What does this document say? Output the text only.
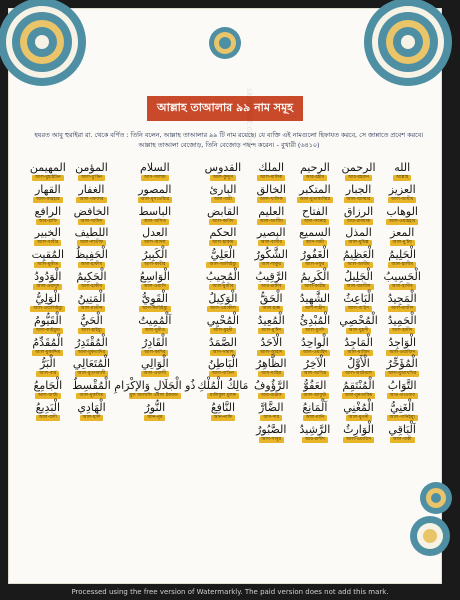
আল্লাহ তাআলার ৯৯ নাম সমূহ
হযরত আবু হুরাইরা রা. থেকে বর্ণিত : তিনি বলেন, আল্লাহ তাআলার ৯৯ টি নাম রয়েছে। যে ব্যক্তি এই নামগুলো হিফাযত করবে, সে জান্নাতে প্রবেশ করবে। আল্লাহ তাআলা বেজোড়, তিনি বেজোড় পছন্দ করেন। - বুখারী (৬৪১০)
الله
আল্লাহ
الرحمن
আর-রহমান
الرحيم
আর-রহীম
الملك
আল-মালিক
القدوس
আল-কুদ্দুস
السلام
আস-সালাম
المؤمن
আল-মু'মিন
المهيمن
আল-মুহাইমিন
العزيز
আল-আযীয
الجبار
আল-জাব্বার
المتكبر
আল-মুতাকাব্বির
الخالق
আল-খালিক
البارئ
আল-বারী
المصور
আল-মুসাওয়্যির
الغفار
আল-গফফার
القهار
আল-কাহহার
الوهاب
আল-ওয়াহহাব
الرزاق
আর-রাযযাক
الفتاح
আল-ফাত্তাহ
العليم
আল-আলীম
القابض
আল-কাবিদ
الباسط
আল-বাসিত
الخافض
আল-খাফিদ
الرافع
আর-রাফি
المعز
আল-মু'ইয
المذل
আল-মুযিল্ল
السميع
আস-সামী
البصير
আল-বাসীর
الحكم
আল-হাকাম
العدل
আল-আদল
اللطيف
আল-লাতীফ
الخبير
আল-খাবীর
الْحَلِيمُ
আল-হালীম
الْعَظِيمُ
আল-আযীম
الْغَفُورُ
আল-গফুর
الشَّكُورُ
আশ-শাকুর
الْعَلِيُّ
আল-আলিইয়্যু
الْكَبِيرُ
আল-কাবীর
الْحَفِيظُ
আল-হাফীয
المُقيِت
আল-মুকীত
الْحَسِيبُ
আল-হাসীব
الْجَلِيلُ
আল-জালীল
الْكَرِيمُ
আল-কারীম
الرَّقِيبُ
আর-রাকীব
الْمُجِيبُ
আল-মুজীব
الْوَاسِعُ
আল-ওয়াসি
الْحَكِيمُ
আল-হাকীম
الْوَدُودُ
আল-ওয়াদুদ
الْمَجِيدُ
আল-মাজীদ
الْبَاعِثُ
আল-বা'ইস
الشَّهِيدُ
আশ-শাহীদ
الْحَقُّ
আল-হাক্ক
الْوَكِيلُ
আল-ওয়াকীল
الْقَوِيُّ
আল-কাবিইয়্যু
الْمَتِينُ
আল-মাতীন
الْوَلِيُّ
আল-ওয়ালিইয়্যু
الْحَمِيدُ
আল-হামীদ
الْمُحْصِي
আল-মুহসী
الْمُبْدِئُ
আল-মুবদি
الْمُعِيدُ
আল-মু'ঈদ
الْمُحْيِي
আল-মুহয়ী
اَلْمُمِيتُ
আল-মুমীত
الْحَيُّ
আল-হাইয়্যু
الْقَيُّومُ
আল-কাইয়্যুম
الْوَاجِدُ
আল-ওয়াজিদ
الْمَاجِدُ
আল-মাজিদ
الْواحِدُ
আল-ওয়াহিদ
الْاَحَدُ
আল-আহাদ
الصَّمَدُ
আস-সামাদ
الْقَادِرُ
আল-কাদির
الْمُقْتَدِرُ
আল-মুকতাদির
الْمُقَدِّمُ
আল-মুকাদ্দিম
الْمُؤَخِّرُ
আল-মুআখখির
الْأَوَّلُ
আল-আউয়াল
الْآخِرُ
আল-আখির
الظَّاهِرُ
আয-যাহির
الْبَاطِنُ
আল-বাতিন
الْوَالِي
আল-ওয়ালী
الْمُتَعَالِي
আল-মুতাআলী
الْبَرُّ
আল-বার্র
التَّوَابُ
আত-তাওয়াব
الْمُنْتَقِمُ
আল-মুনতাকিম
العَفُوُّ
আল-আফুউ
الرَّؤُوفُ
আর-রাঊফ
مَالِكُ الْمُلْكِ
মালিকুল মুলক
ذُو الْجَلَالِ وَالإكْرَامِ
যুল জালালি ওয়াল ইকরাম
الْمُقْسِطُ
আল-মুকসিত
الْجَامِعُ
আল-জামি
الْغَنِيُّ
আল-গানিইয়্যু
الْمُغْنِي
আল-মুগনী
اَلْمَانِعُ
আল-মানি
الضَّارَّ
আদ-দার
النَّافِعُ
আন-নাফি
النُّورُ
আন-নূর
الْهَادِي
আল-হাদী
الْبَدِيعُ
আল-বাদী
اَلْبَاقِي
আল-বাকী
الْوَارِثُ
আল-ওয়ারিস
الرَّشِيدُ
আর-রাশীদ
الصَّبُورُ
আস-সাবূর
skmmart.com
Processed using the free version of Watermarkly. The paid version does not add this mark.
